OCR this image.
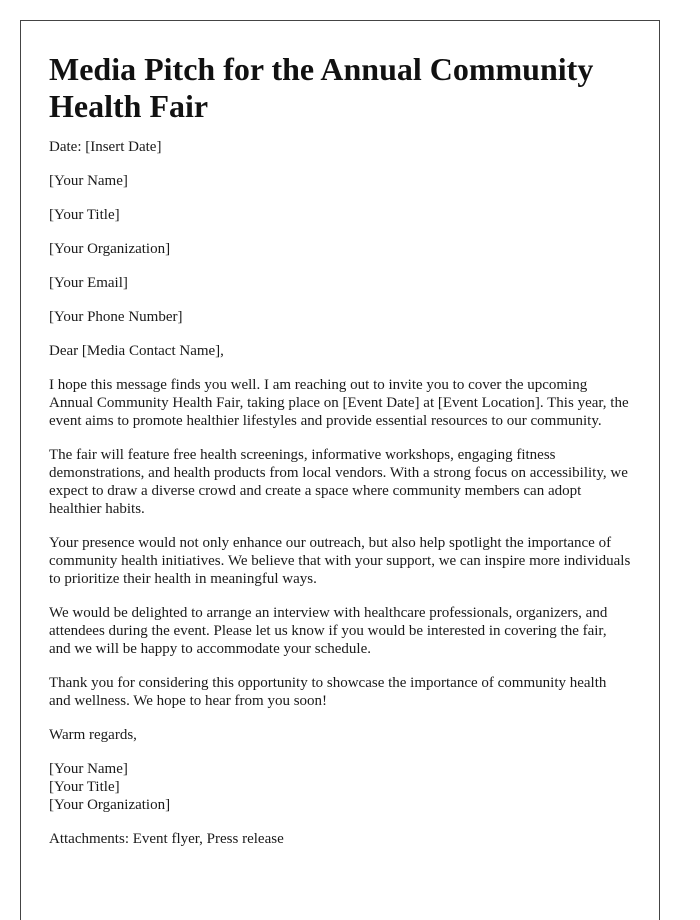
Media Pitch for the Annual Community Health Fair

Date: [Insert Date]

[Your Name]

[Your Title]

[Your Organization]

[Your Email]

[Your Phone Number]

Dear [Media Contact Name],

I hope this message finds you well. I am reaching out to invite you to cover the upcoming Annual Community Health Fair, taking place on [Event Date] at [Event Location]. This year, the event aims to promote healthier lifestyles and provide essential resources to our community.

The fair will feature free health screenings, informative workshops, engaging fitness demonstrations, and health products from local vendors. With a strong focus on accessibility, we expect to draw a diverse crowd and create a space where community members can adopt healthier habits.

Your presence would not only enhance our outreach, but also help spotlight the importance of community health initiatives. We believe that with your support, we can inspire more individuals to prioritize their health in meaningful ways.

We would be delighted to arrange an interview with healthcare professionals, organizers, and attendees during the event. Please let us know if you would be interested in covering the fair, and we will be happy to accommodate your schedule.

Thank you for considering this opportunity to showcase the importance of community health and wellness. We hope to hear from you soon!

Warm regards,

[Your Name]
[Your Title]
[Your Organization]

Attachments: Event flyer, Press release
